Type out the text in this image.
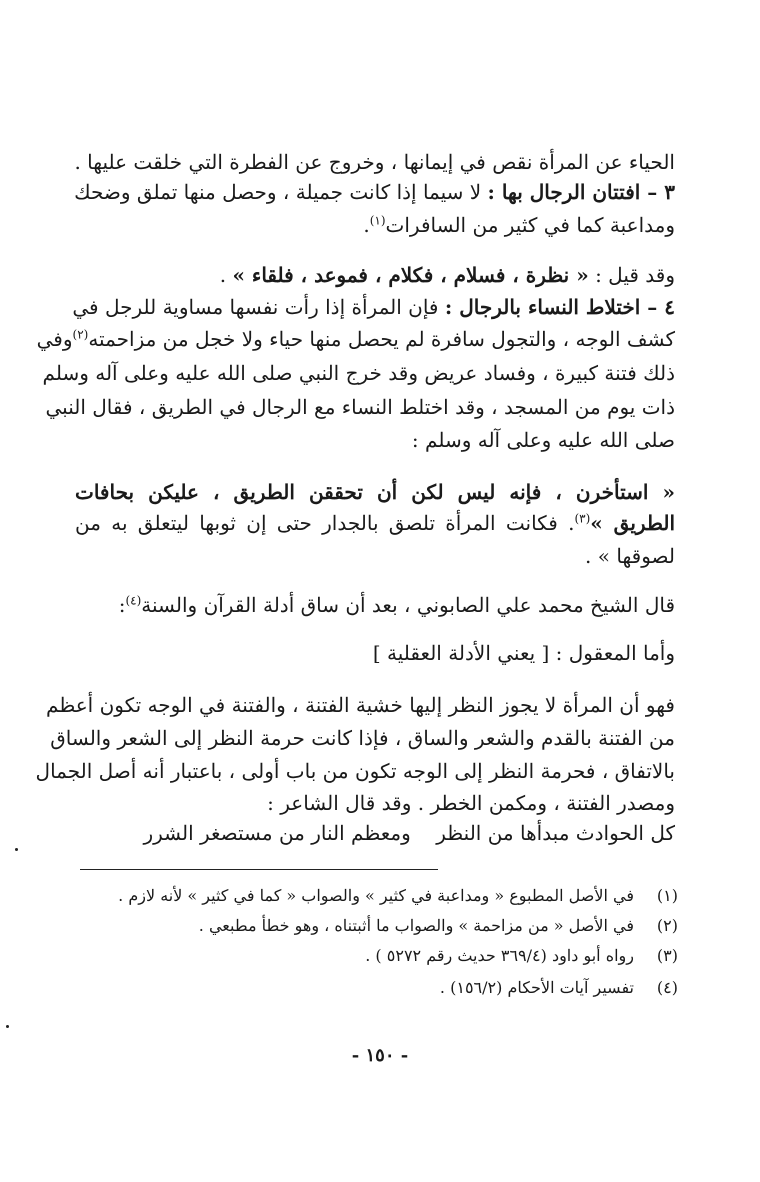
الحياء عن المرأة نقص في إيمانها ، وخروج عن الفطرة التي خلقت عليها .
٣ – افتتان الرجال بها : لا سيما إذا كانت جميلة ، وحصل منها تملق وضحك
ومداعبة كما في كثير من السافرات$^{(١)}$.
وقد قيل : « نظرة ، فسلام ، فكلام ، فموعد ، فلقاء » .
٤ – اختلاط النساء بالرجال : فإن المرأة إذا رأت نفسها مساوية للرجل في
كشف الوجه ، والتجول سافرة لم يحصل منها حياء ولا خجل من مزاحمته$^{(٢)}$وفي
ذلك فتنة كبيرة ، وفساد عريض وقد خرج النبي صلى الله عليه وعلى آله وسلم
ذات يوم من المسجد ، وقد اختلط النساء مع الرجال في الطريق ، فقال النبي
صلى الله عليه وعلى آله وسلم :
« استأخرن ، فإنه ليس لكن أن تحققن الطريق ، عليكن بحافات
الطريق »$^{(٣)}$. فكانت المرأة تلصق بالجدار حتى إن ثوبها ليتعلق به من
لصوقها » .
قال الشيخ محمد علي الصابوني ، بعد أن ساق أدلة القرآن والسنة$^{(٤)}$:
وأما المعقول : [ يعني الأدلة العقلية ]
فهو أن المرأة لا يجوز النظر إليها خشية الفتنة ، والفتنة في الوجه تكون أعظم
من الفتنة بالقدم والشعر والساق ، فإذا كانت حرمة النظر إلى الشعر والساق
بالاتفاق ، فحرمة النظر إلى الوجه تكون من باب أولى ، باعتبار أنه أصل الجمال
ومصدر الفتنة ، ومكمن الخطر . وقد قال الشاعر :
كل الحوادث مبدأها من النظر    ومعظم النار من مستصغر الشرر
(١)في الأصل المطبوع « ومداعبة في كثير » والصواب « كما في كثير » لأنه لازم .
(٢)في الأصل « من مزاحمة » والصواب ما أثبتناه ، وهو خطأ مطبعي .
(٣)رواه أبو داود (٣٦٩/٤ حديث رقم ٥٢٧٢ ) .
(٤)تفسير آيات الأحكام (١٥٦/٢) .
- ١٥٠ -
